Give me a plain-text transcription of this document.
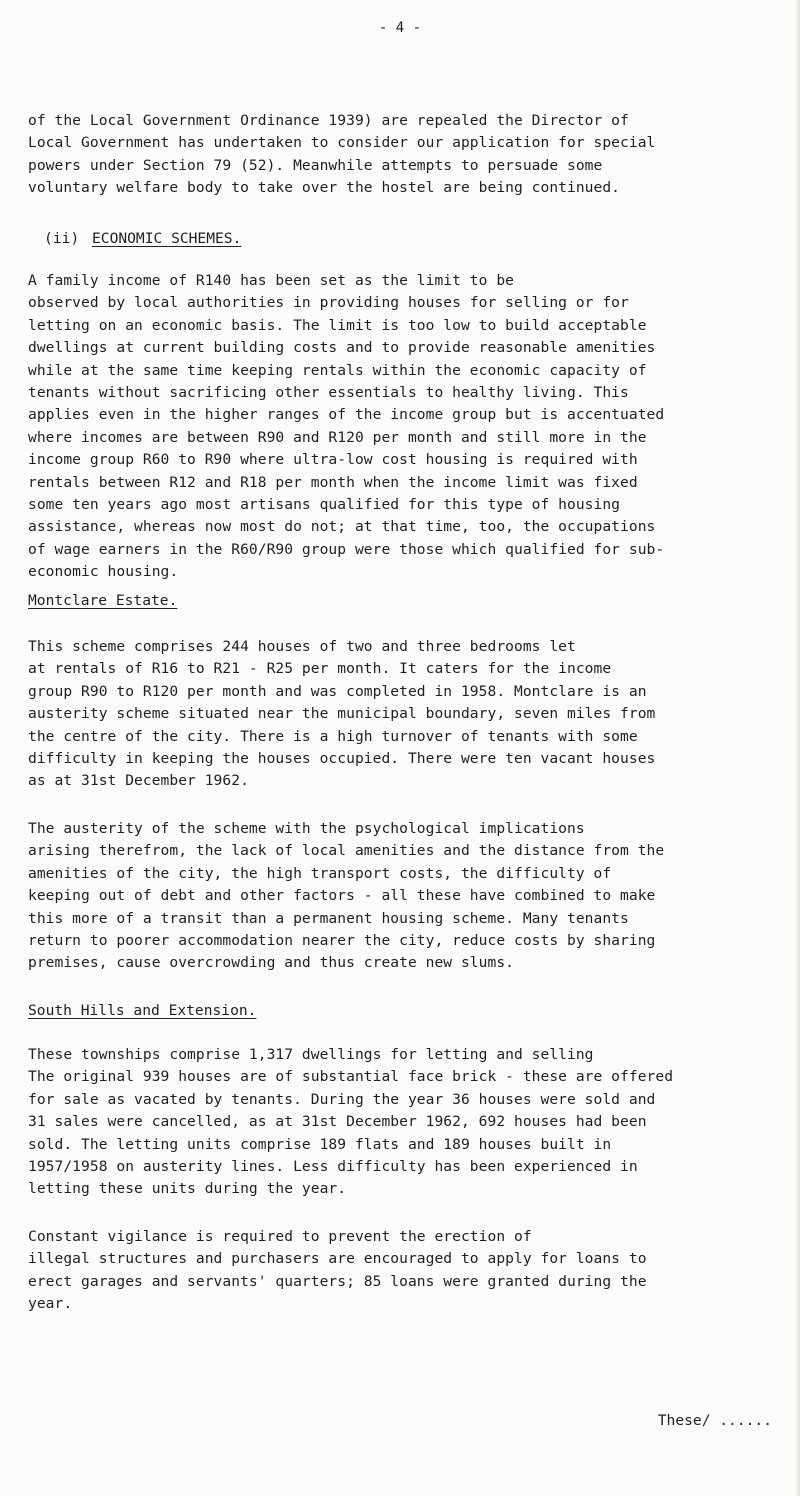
- 4 -

of the Local Government Ordinance 1939) are repealed the Director of
Local Government has undertaken to consider our application for special
powers under Section 79 (52). Meanwhile attempts to persuade some
voluntary welfare body to take over the hostel are being continued.

(ii) ECONOMIC SCHEMES.

A family income of R140 has been set as the limit to be
observed by local authorities in providing houses for selling or for
letting on an economic basis. The limit is too low to build acceptable
dwellings at current building costs and to provide reasonable amenities
while at the same time keeping rentals within the economic capacity of
tenants without sacrificing other essentials to healthy living. This
applies even in the higher ranges of the income group but is accentuated
where incomes are between R90 and R120 per month and still more in the
income group R60 to R90 where ultra-low cost housing is required with
rentals between R12 and R18 per month when the income limit was fixed
some ten years ago most artisans qualified for this type of housing
assistance, whereas now most do not; at that time, too, the occupations
of wage earners in the R60/R90 group were those which qualified for sub-
economic housing.

Montclare Estate.

This scheme comprises 244 houses of two and three bedrooms let
at rentals of R16 to R21 - R25 per month. It caters for the income
group R90 to R120 per month and was completed in 1958. Montclare is an
austerity scheme situated near the municipal boundary, seven miles from
the centre of the city. There is a high turnover of tenants with some
difficulty in keeping the houses occupied. There were ten vacant houses
as at 31st December 1962.

The austerity of the scheme with the psychological implications
arising therefrom, the lack of local amenities and the distance from the
amenities of the city, the high transport costs, the difficulty of
keeping out of debt and other factors - all these have combined to make
this more of a transit than a permanent housing scheme. Many tenants
return to poorer accommodation nearer the city, reduce costs by sharing
premises, cause overcrowding and thus create new slums.

South Hills and Extension.

These townships comprise 1,317 dwellings for letting and selling
The original 939 houses are of substantial face brick - these are offered
for sale as vacated by tenants. During the year 36 houses were sold and
31 sales were cancelled, as at 31st December 1962, 692 houses had been
sold. The letting units comprise 189 flats and 189 houses built in
1957/1958 on austerity lines. Less difficulty has been experienced in
letting these units during the year.

Constant vigilance is required to prevent the erection of
illegal structures and purchasers are encouraged to apply for loans to
erect garages and servants' quarters; 85 loans were granted during the
year.

These/ ......
